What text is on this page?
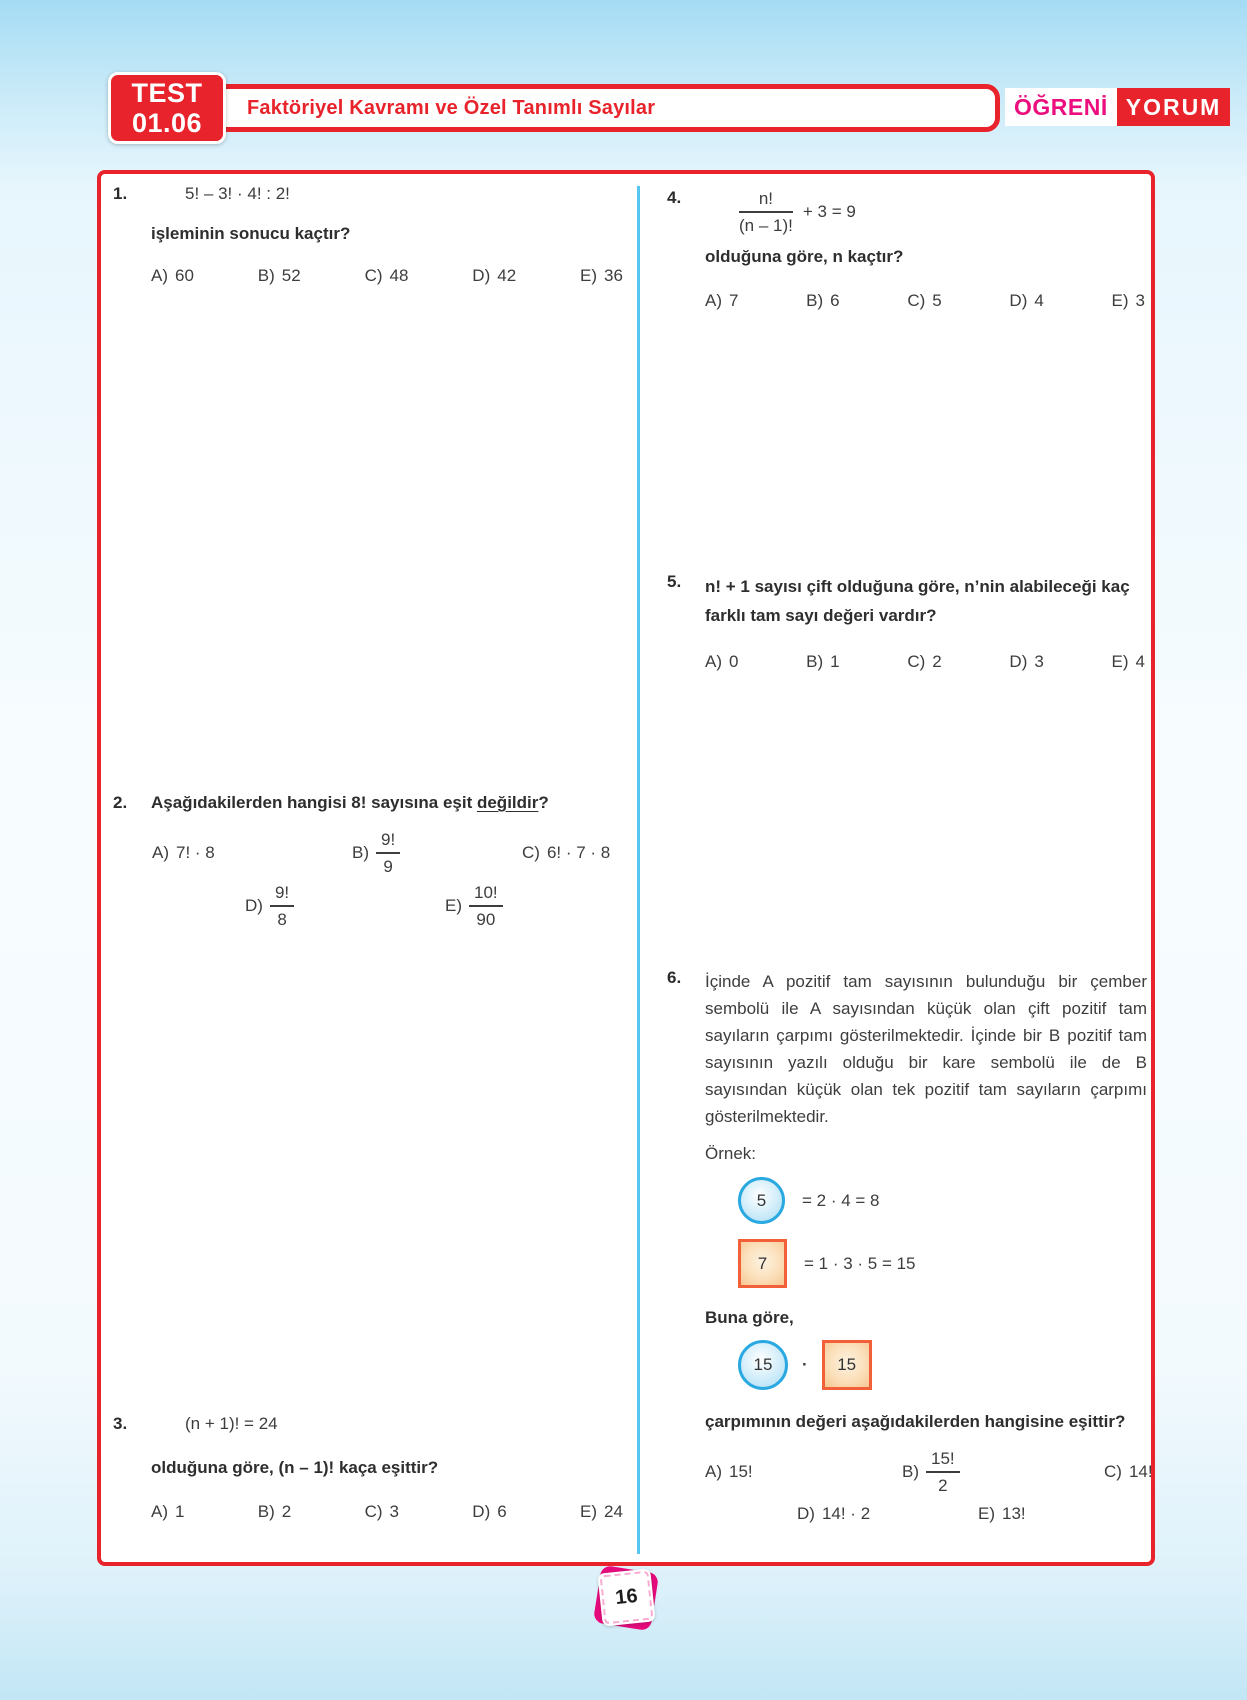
Faktöriyel Kavramı ve Özel Tanımlı Sayılar
TEST
01.06
ÖĞRENİ YORUM
1.	5! – 3! · 4! : 2!
işleminin sonucu kaçtır?
A) 60	B) 52	C) 48	D) 42	E) 36
2.	Aşağıdakilerden hangisi 8! sayısına eşit değildir?
A) 7! · 8	$B) \frac{9!}{9}$	C) 6! · 7 · 8
$D) \frac{9!}{8}$	$E) \frac{10!}{90}$
3.	(n + 1)! = 24
olduğuna göre, (n – 1)! kaça eşittir?
A) 1	B) 2	C) 3	D) 6	E) 24
4.	$\frac{n!}{(n - 1)!} + 3 = 9$
olduğuna göre, n kaçtır?
A) 7	B) 6	C) 5	D) 4	E) 3
5.	n! + 1 sayısı çift olduğuna göre, n’nin alabileceği kaç farklı tam sayı değeri vardır?
A) 0	B) 1	C) 2	D) 3	E) 4
6.	İçinde A pozitif tam sayısının bulunduğu bir çember sembolü ile A sayısından küçük olan çift pozitif tam sayıların çarpımı gösterilmektedir. İçinde bir B pozitif tam sayısının yazılı olduğu bir kare sembolü ile de B sayısından küçük olan tek pozitif tam sayıların çarpımı gösterilmektedir.
Örnek:
5 = 2 · 4 = 8
7 = 1 · 3 · 5 = 15
Buna göre,
15 · 15
çarpımının değeri aşağıdakilerden hangisine eşittir?
A) 15!	$B) \frac{15!}{2}$	C) 14!
D) 14! · 2	E) 13!
16
